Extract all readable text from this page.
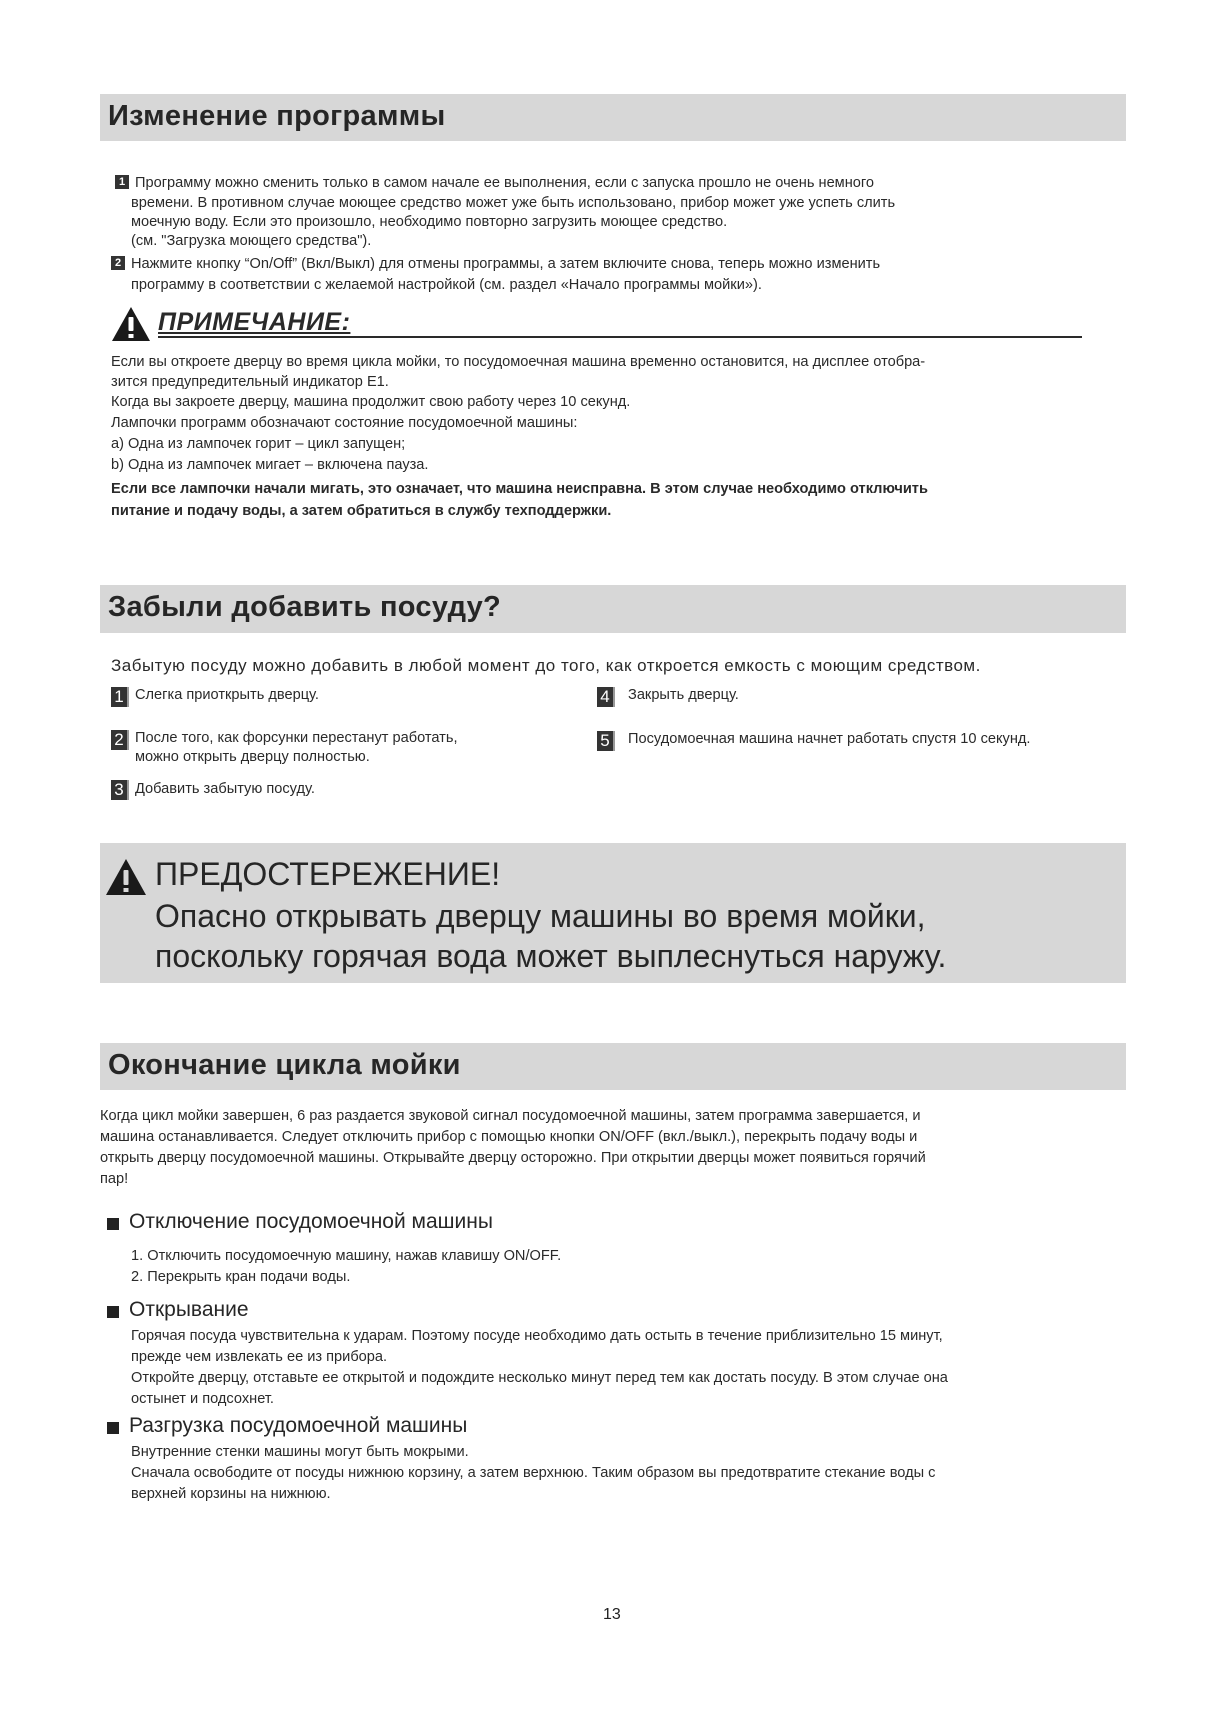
Изменение программы
1 Программу можно сменить только в самом начале ее выполнения, если с запуска прошло не очень немного
времени. В противном случае моющее средство может уже быть использовано, прибор может уже успеть слить
моечную воду. Если это произошло, необходимо повторно загрузить моющее средство.
(см. "Загрузка моющего средства").
2 Нажмите кнопку “On/Off” (Вкл/Выкл) для отмены программы, а затем включите снова, теперь можно изменить
программу в соответствии с желаемой настройкой (см. раздел «Начало программы мойки»).
ПРИМЕЧАНИЕ:
Если вы откроете дверцу во время цикла мойки, то посудомоечная машина временно остановится, на дисплее отобра-
зится предупредительный индикатор E1.
Когда вы закроете дверцу, машина продолжит свою работу через 10 секунд.
Лампочки программ обозначают состояние посудомоечной машины:
a) Одна из лампочек горит – цикл запущен;
b) Одна из лампочек мигает – включена пауза.
Если все лампочки начали мигать, это означает, что машина неисправна. В этом случае необходимо отключить
питание и подачу воды, а затем обратиться в службу техподдержки.
Забыли добавить посуду?
Забытую посуду можно добавить в любой момент до того, как откроется емкость с моющим средством.
1 Слегка приоткрыть дверцу.
2 После того, как форсунки перестанут работать,
можно открыть дверцу полностью.
3 Добавить забытую посуду.
4	Закрыть дверцу.
5	Посудомоечная машина начнет работать спустя 10 секунд.
ПРЕДОСТЕРЕЖЕНИЕ!
Опасно открывать дверцу машины во время мойки,
поскольку горячая вода может выплеснуться наружу.
Окончание цикла мойки
Когда цикл мойки завершен, 6 раз раздается звуковой сигнал посудомоечной машины, затем программа завершается, и
машина останавливается. Следует отключить прибор с помощью кнопки ON/OFF (вкл./выкл.), перекрыть подачу воды и
открыть дверцу посудомоечной машины. Открывайте дверцу осторожно. При открытии дверцы может появиться горячий
пар!
Отключение посудомоечной машины
1. Отключить посудомоечную машину, нажав клавишу ON/OFF.
2. Перекрыть кран подачи воды.
Открывание
Горячая посуда чувствительна к ударам. Поэтому посуде необходимо дать остыть в течение приблизительно 15 минут,
прежде чем извлекать ее из прибора.
Откройте дверцу, отставьте ее открытой и подождите несколько минут перед тем как достать посуду. В этом случае она
остынет и подсохнет.
Разгрузка посудомоечной машины
Внутренние стенки машины могут быть мокрыми.
Сначала освободите от посуды нижнюю корзину, а затем верхнюю. Таким образом вы предотвратите стекание воды с
верхней корзины на нижнюю.
13
